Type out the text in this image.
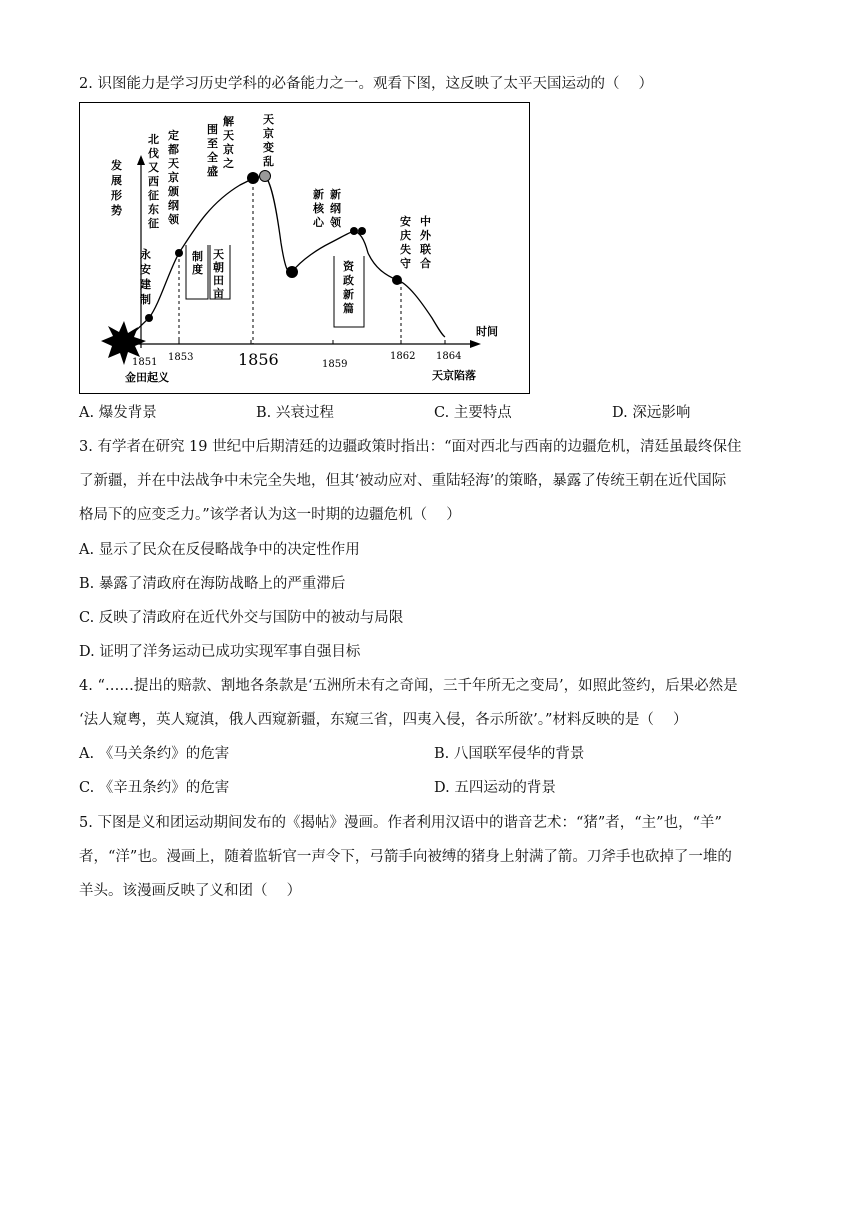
2. 识图能力是学习历史学科的必备能力之一。观看下图，这反映了太平天国运动的（　 ）
时间
1851 1853	1856	1859
1862 1864
金田起义	天京陷落
发展形势
永安建制
北伐又西征东征
定都天京颁纲领
解天京之
围至全盛
天京变乱
天朝田亩
制度
新核心
新纲领
资政新篇
安庆失守
中外联合
A. 爆发背景	B. 兴衰过程	C. 主要特点	D. 深远影响
3. 有学者在研究 19 世纪中后期清廷的边疆政策时指出：“面对西北与西南的边疆危机，清廷虽最终保住
了新疆，并在中法战争中未完全失地，但其‘被动应对、重陆轻海’的策略，暴露了传统王朝在近代国际
格局下的应变乏力。”该学者认为这一时期的边疆危机（　 ）
A. 显示了民众在反侵略战争中的决定性作用
B. 暴露了清政府在海防战略上的严重滞后
C. 反映了清政府在近代外交与国防中的被动与局限
D. 证明了洋务运动已成功实现军事自强目标
4. “……提出的赔款、割地各条款是‘五洲所未有之奇闻，三千年所无之变局’，如照此签约，后果必然是
‘法人窥粤，英人窥滇，俄人西窥新疆，东窥三省，四夷入侵，各示所欲’。”材料反映的是（　 ）
A. 《马关条约》的危害	B. 八国联军侵华的背景
C. 《辛丑条约》的危害	D. 五四运动的背景
5. 下图是义和团运动期间发布的《揭帖》漫画。作者利用汉语中的谐音艺术：“猪”者，“主”也，“羊”
者，“洋”也。漫画上，随着监斩官一声令下，弓箭手向被缚的猪身上射满了箭。刀斧手也砍掉了一堆的
羊头。该漫画反映了义和团（　 ）
